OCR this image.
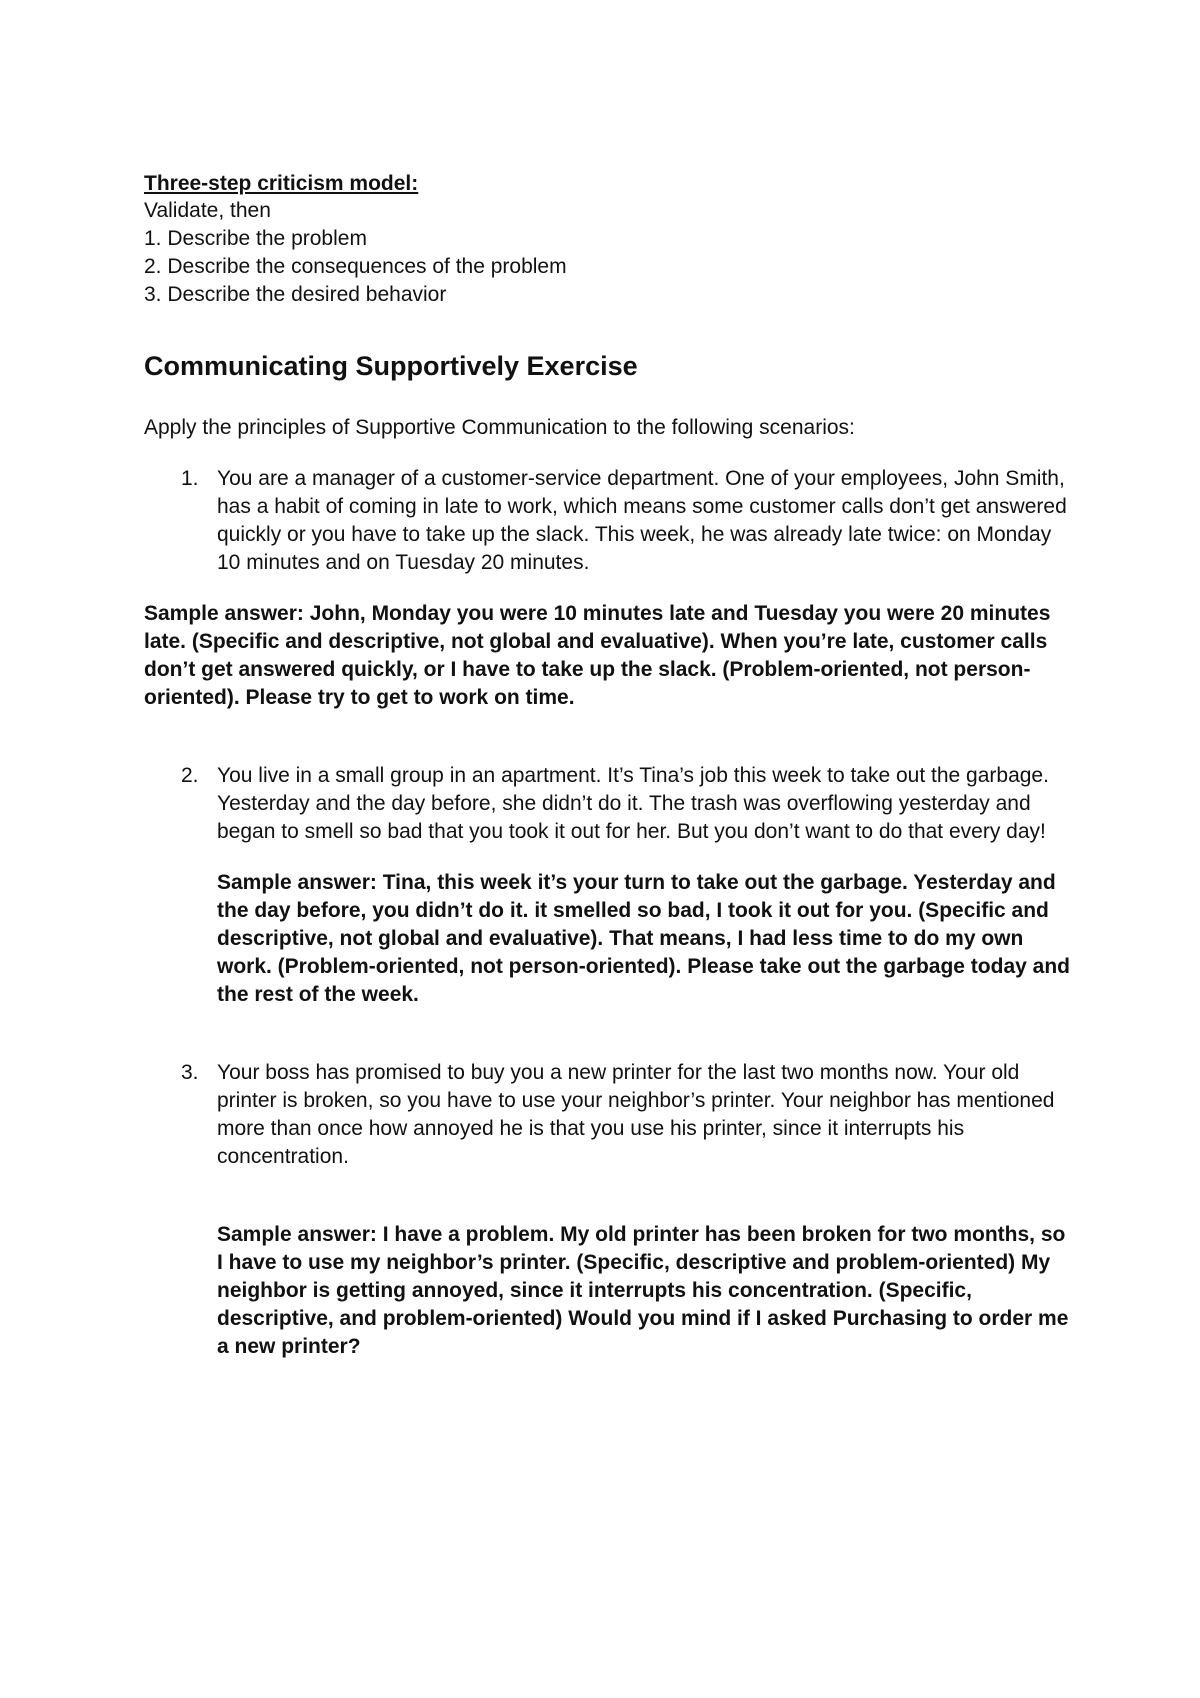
Three-step criticism model:

Validate, then

1. Describe the problem

2. Describe the consequences of the problem

3. Describe the desired behavior

Communicating Supportively Exercise

Apply the principles of Supportive Communication to the following scenarios:

1. You are a manager of a customer-service department. One of your employees, John Smith, has a habit of coming in late to work, which means some customer calls don’t get answered quickly or you have to take up the slack. This week, he was already late twice: on Monday 10 minutes and on Tuesday 20 minutes.

Sample answer: John, Monday you were 10 minutes late and Tuesday you were 20 minutes late. (Specific and descriptive, not global and evaluative). When you’re late, customer calls don’t get answered quickly, or I have to take up the slack. (Problem-oriented, not person-oriented). Please try to get to work on time.

2. You live in a small group in an apartment. It’s Tina’s job this week to take out the garbage. Yesterday and the day before, she didn’t do it. The trash was overflowing yesterday and began to smell so bad that you took it out for her. But you don’t want to do that every day!

Sample answer: Tina, this week it’s your turn to take out the garbage. Yesterday and the day before, you didn’t do it. it smelled so bad, I took it out for you. (Specific and descriptive, not global and evaluative). That means, I had less time to do my own work. (Problem-oriented, not person-oriented). Please take out the garbage today and the rest of the week.

3. Your boss has promised to buy you a new printer for the last two months now. Your old printer is broken, so you have to use your neighbor’s printer. Your neighbor has mentioned more than once how annoyed he is that you use his printer, since it interrupts his concentration.

Sample answer: I have a problem. My old printer has been broken for two months, so I have to use my neighbor’s printer. (Specific, descriptive and problem-oriented) My neighbor is getting annoyed, since it interrupts his concentration. (Specific, descriptive, and problem-oriented) Would you mind if I asked Purchasing to order me a new printer?
